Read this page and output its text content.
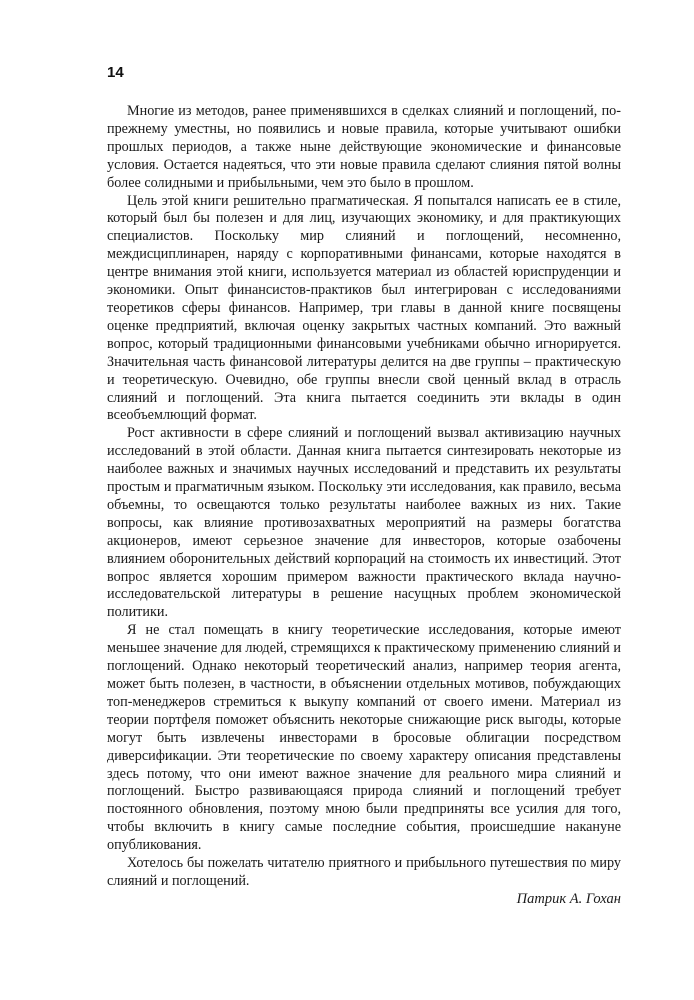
14

Многие из методов, ранее применявшихся в сделках слияний и поглощений, по-прежнему уместны, но появились и новые правила, которые учитывают ошибки прошлых периодов, а также ныне действующие экономические и финансовые условия. Остается надеяться, что эти новые правила сделают слияния пятой волны более солидными и прибыльными, чем это было в прошлом.

Цель этой книги решительно прагматическая. Я попытался написать ее в стиле, который был бы полезен и для лиц, изучающих экономику, и для практикующих специалистов. Поскольку мир слияний и поглощений, несомненно, междисциплинарен, наряду с корпоративными финансами, которые находятся в центре внимания этой книги, используется материал из областей юриспруденции и экономики. Опыт финансистов-практиков был интегрирован с исследованиями теоретиков сферы финансов. Например, три главы в данной книге посвящены оценке предприятий, включая оценку закрытых частных компаний. Это важный вопрос, который традиционными финансовыми учебниками обычно игнорируется. Значительная часть финансовой литературы делится на две группы – практическую и теоретическую. Очевидно, обе группы внесли свой ценный вклад в отрасль слияний и поглощений. Эта книга пытается соединить эти вклады в один всеобъемлющий формат.

Рост активности в сфере слияний и поглощений вызвал активизацию научных исследований в этой области. Данная книга пытается синтезировать некоторые из наиболее важных и значимых научных исследований и представить их результаты простым и прагматичным языком. Поскольку эти исследования, как правило, весьма объемны, то освещаются только результаты наиболее важных из них. Такие вопросы, как влияние противозахватных мероприятий на размеры богатства акционеров, имеют серьезное значение для инвесторов, которые озабочены влиянием оборонительных действий корпораций на стоимость их инвестиций. Этот вопрос является хорошим примером важности практического вклада научно-исследовательской литературы в решение насущных проблем экономической политики.

Я не стал помещать в книгу теоретические исследования, которые имеют меньшее значение для людей, стремящихся к практическому применению слияний и поглощений. Однако некоторый теоретический анализ, например теория агента, может быть полезен, в частности, в объяснении отдельных мотивов, побуждающих топ-менеджеров стремиться к выкупу компаний от своего имени. Материал из теории портфеля поможет объяснить некоторые снижающие риск выгоды, которые могут быть извлечены инвесторами в бросовые облигации посредством диверсификации. Эти теоретические по своему характеру описания представлены здесь потому, что они имеют важное значение для реального мира слияний и поглощений. Быстро развивающаяся природа слияний и поглощений требует постоянного обновления, поэтому мною были предприняты все усилия для того, чтобы включить в книгу самые последние события, происшедшие накануне опубликования.

Хотелось бы пожелать читателю приятного и прибыльного путешествия по миру слияний и поглощений.

Патрик А. Гохан
